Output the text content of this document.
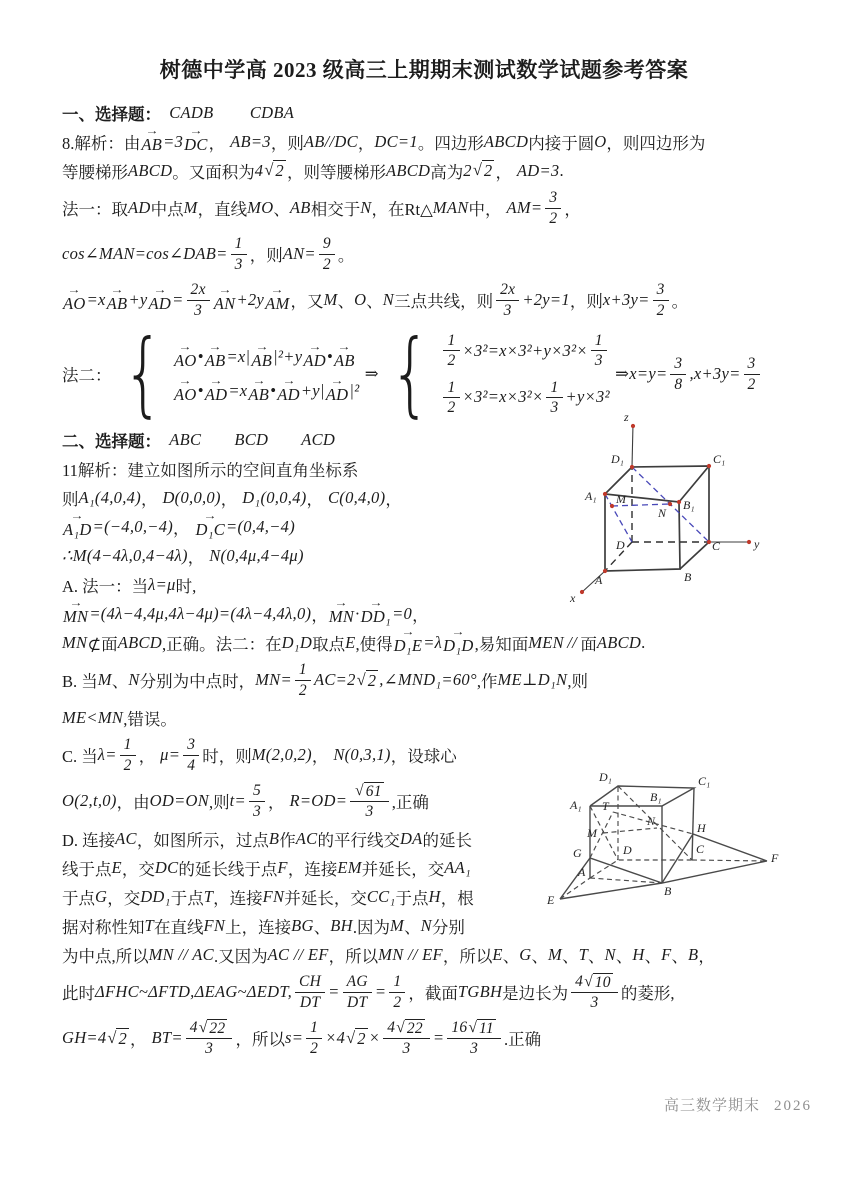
树德中学高 2023 级高三上期期末测试数学试题参考答案
一、选择题： CADB CDBA
8.解析：由
→
AB =3 →
DC ， AB=3 ，则 AB//DC ， DC=1 。四边形 ABCD 内接于圆 O ，则四边形为
等腰梯形 ABCD 。又面积为 4 √ 2 ，则等腰梯形 ABCD 高为 2 √ 2 ， AD=3 .
法一：取 AD 中点 M ，直线 MO 、 AB 相交于 N ，在Rt△ MAN 中， $AM= \frac{3}{2}$ ，
cos∠MAN=cos∠DAB= $\frac{1}{3}$ ，则 $AN= \frac{9}{2}$ 。
→
AO =x →
AB +y →
AD = $\frac{2x}{3}$ →
AN +2y →
AM ，又 M 、 O 、 N 三点共线，则 $\frac{2x}{3} +2y=1$ ，则 $x+3y= \frac{3}{2}$ 。
法二： { →
AO • →
AB =x| →
AB |²+y →
AD • →
AB
→
AO • →
AD =x →
AB • →
AD +y| →
AD |²
⇒ { $\frac{1}{2} \times 3^2=x\times 3^2+y\times 3^2\times \frac{1}{3}$
$\frac{1}{2} \times 3^2=x\times 3^2\times \frac{1}{3} +y\times 3^2$
⇒x=y= $\frac{3}{8} ,x+3y= \frac{3}{2}$
二、选择题： ABC BCD ACD
11解析：建立如图所示的空间直角坐标系
则 A₁(4,0,4) ， D(0,0,0) ， D₁(0,0,4) ， C(0,4,0) ，
→
A₁D =(−4,0,−4) ，
→
D₁C =(0,4,−4)
∴M(4−4λ,0,4−4λ) ， N(0,4μ,4−4μ)
A. 法一：当 λ=μ 时,
→
MN =(4λ−4,4μ,4λ−4μ)=(4λ−4,4λ,0) ，
→
MN · →
DD₁ =0 ，
MN ⊄面 ABCD ,正确。法二：在 D₁D 取点 E ,使得
→
D₁E =λ →
D₁D ,易知面 MEN // 面 ABCD .
B. 当 M 、 N 分别为中点时， $MN= \frac{1}{2} AC=2$ √ 2 ,∠MND₁=60° ,作 ME⊥D₁N ,则
ME<MN ,错误。
C. 当 $\lambda= \frac{1}{2}$ ， $\mu= \frac{3}{4}$ 时，则 M(2,0,2) ， N(0,3,1) ，设球心
O(2,t,0) ，由 OD=ON ,则 $t= \frac{5}{3}$ ， $R=OD= \frac{√ 61}{3}$ ,正确
D. 连接 AC ，如图所示，过点 B 作 AC 的平行线交 DA 的延长
线于点 E ，交 DC 的延长线于点 F ，连接 EM 并延长，交 AA₁
于点 G ，交 DD₁ 于点 T ，连接 FN 并延长，交 CC₁ 于点 H ，根
据对称性知 T 在直线 FN 上，连接 BG 、 BH .因为 M 、 N 分别
为中点,所以 MN // AC .又因为 AC // EF ，所以 MN // EF ，所以 E 、 G 、 M 、 T 、 N 、 H 、 F 、 B ，
此时 ΔFHC~ΔFTD,ΔEAG~ΔEDT, $\frac{CH}{DT} = \frac{AG}{DT} = \frac{1}{2}$ ，截面 TGBH 是边长为 $\frac{4 √ 10}{3}$ 的菱形,
GH=4 √ 2 ， $BT= \frac{4 √ 22}{3}$ ，所以 $s= \frac{1}{2} \times 4$ √ $2 \times \frac{4 √ 22}{3} = \frac{16 √ 11}{3}$ .正确
z
D₁	C₁
A₁
B₁
M
N
D	C	y
A	B
x
D₁	C₁
B₁
A₁ T
M
N	H
G	D	C
F
A
B
E
高三数学期末 2026
